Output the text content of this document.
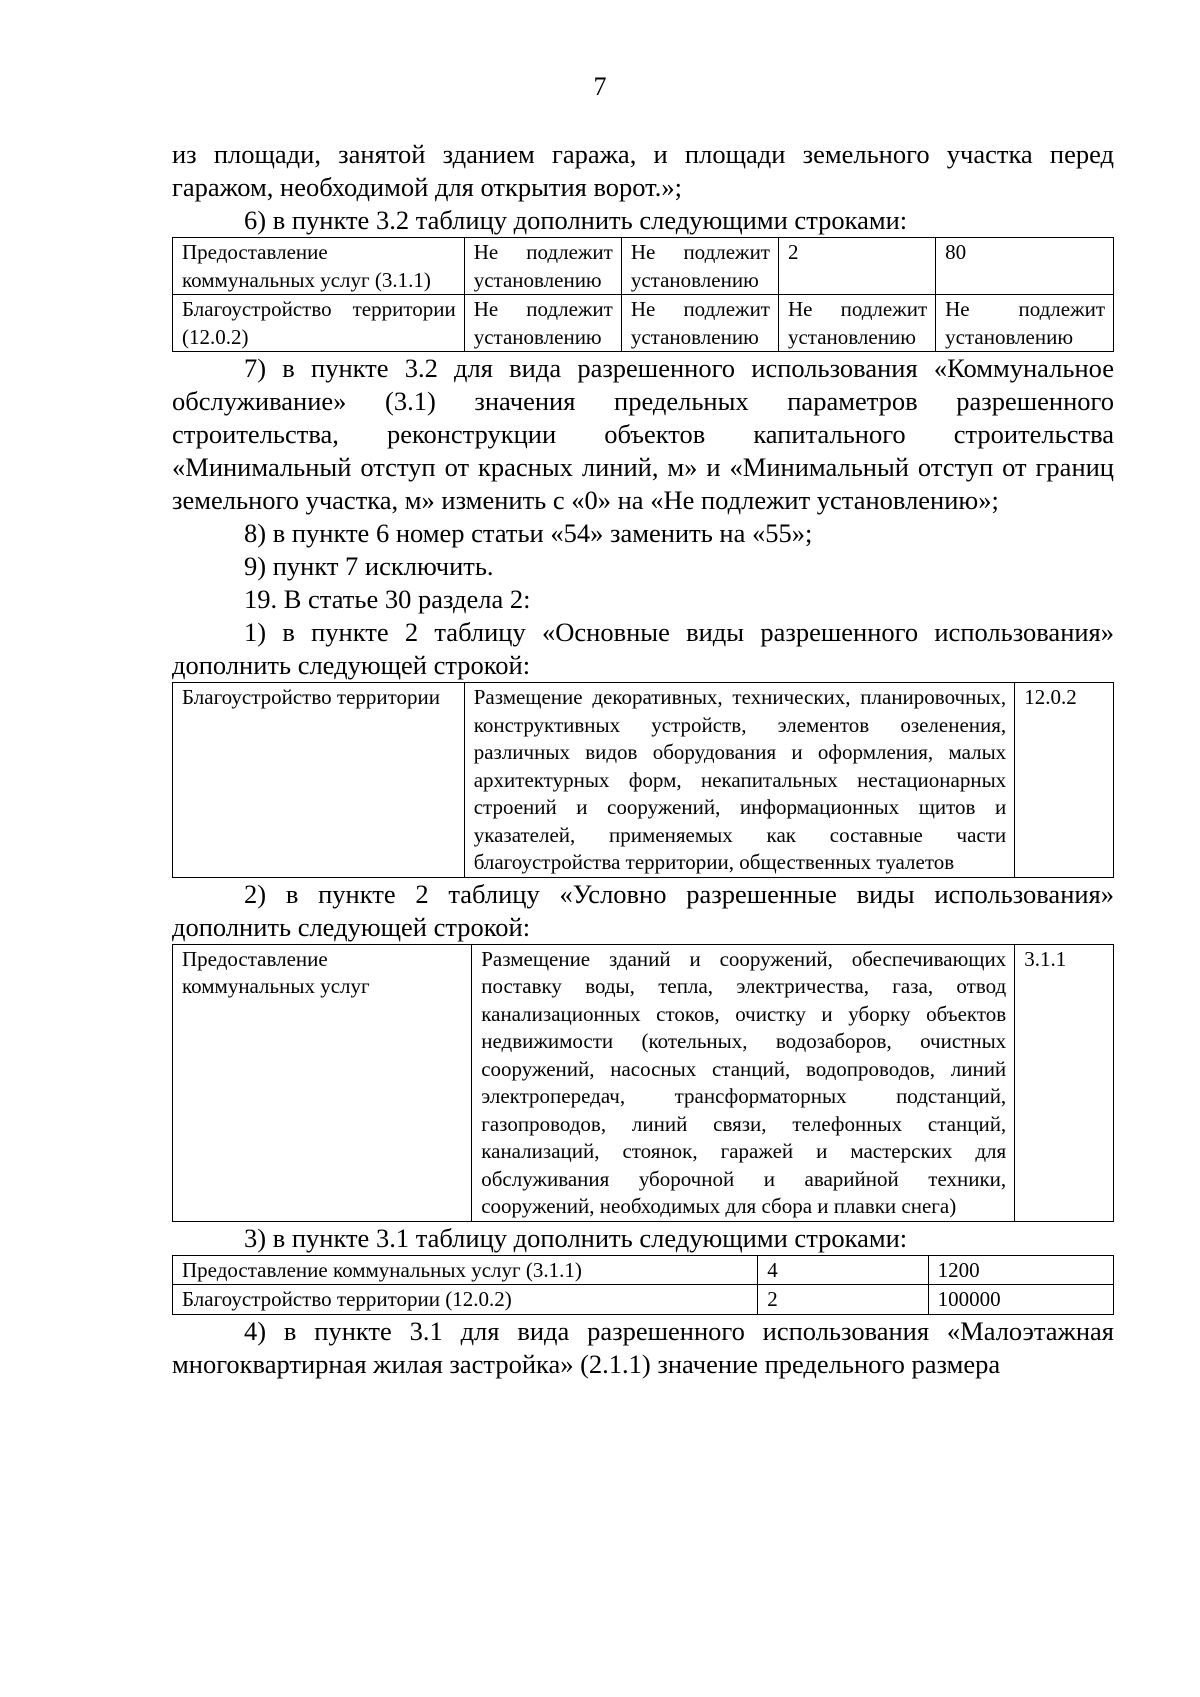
7

из площади, занятой зданием гаража, и площади земельного участка перед гаражом, необходимой для открытия ворот.»;

6) в пункте 3.2 таблицу дополнить следующими строками:

Предоставление коммунальных услуг (3.1.1)	Не подлежит установлению	Не подлежит установлению	2	80
Благоустройство территории (12.0.2)	Не подлежит установлению	Не подлежит установлению	Не подлежит установлению	Не подлежит установлению

7) в пункте 3.2 для вида разрешенного использования «Коммунальное обслуживание» (3.1) значения предельных параметров разрешенного строительства, реконструкции объектов капитального строительства «Минимальный отступ от красных линий, м» и «Минимальный отступ от границ земельного участка, м» изменить с «0» на «Не подлежит установлению»;

8) в пункте 6 номер статьи «54» заменить на «55»;

9) пункт 7 исключить.

19. В статье 30 раздела 2:

1) в пункте 2 таблицу «Основные виды разрешенного использования» дополнить следующей строкой:

Благоустройство территории	Размещение декоративных, технических, планировочных, конструктивных устройств, элементов озеленения, различных видов оборудования и оформления, малых архитектурных форм, некапитальных нестационарных строений и сооружений, информационных щитов и указателей, применяемых как составные части благоустройства территории, общественных туалетов	12.0.2

2) в пункте 2 таблицу «Условно разрешенные виды использования» дополнить следующей строкой:

Предоставление коммунальных услуг	Размещение зданий и сооружений, обеспечивающих поставку воды, тепла, электричества, газа, отвод канализационных стоков, очистку и уборку объектов недвижимости (котельных, водозаборов, очистных сооружений, насосных станций, водопроводов, линий электропередач, трансформаторных подстанций, газопроводов, линий связи, телефонных станций, канализаций, стоянок, гаражей и мастерских для обслуживания уборочной и аварийной техники, сооружений, необходимых для сбора и плавки снега)	3.1.1

3) в пункте 3.1 таблицу дополнить следующими строками:

Предоставление коммунальных услуг (3.1.1)	4	1200
Благоустройство территории (12.0.2)	2	100000

4) в пункте 3.1 для вида разрешенного использования «Малоэтажная многоквартирная жилая застройка» (2.1.1) значение предельного размера
